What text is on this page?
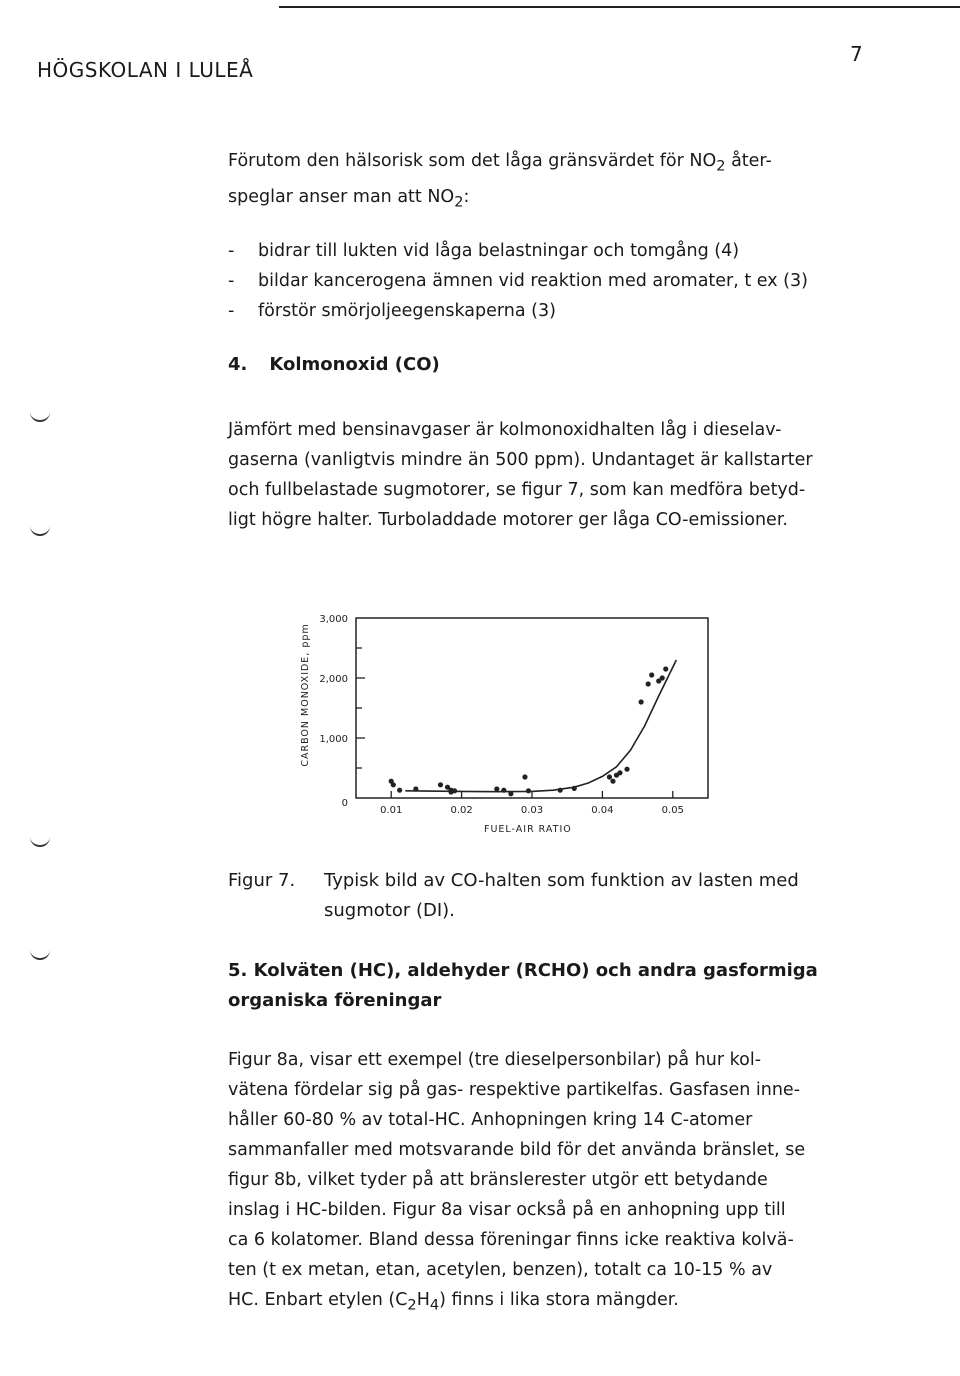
HÖGSKOLAN I LULEÅ
7
Förutom den hälsorisk som det låga gränsvärdet för $NO_2$ åter-
speglar anser man att $NO_2$:
-	bidrar till lukten vid låga belastningar och tomgång (4)
-	bildar kancerogena ämnen vid reaktion med aromater, t ex (3)
-	förstör smörjoljeegenskaperna (3)
4. Kolmonoxid (CO)
Jämfört med bensinavgaser är kolmonoxidhalten låg i dieselav-
gaserna (vanligtvis mindre än 500 ppm). Undantaget är kallstarter
och fullbelastade sugmotorer, se figur 7, som kan medföra betyd-
ligt högre halter. Turboladdade motorer ger låga CO-emissioner.
0
1,000
2,000
3,000
0.01	0.02	0.03	0.04	0.05
CARBON MONOXIDE, ppm
FUEL-AIR RATIO
Figur 7. Typisk bild av CO-halten som funktion av lasten med
sugmotor (DI).
5. Kolväten (HC), aldehyder (RCHO) och andra gasformiga
organiska föreningar
Figur 8a, visar ett exempel (tre dieselpersonbilar) på hur kol-
vätena fördelar sig på gas- respektive partikelfas. Gasfasen inne-
håller 60-80 % av total-HC. Anhopningen kring 14 C-atomer
sammanfaller med motsvarande bild för det använda bränslet, se
figur 8b, vilket tyder på att bränslerester utgör ett betydande
inslag i HC-bilden. Figur 8a visar också på en anhopning upp till
ca 6 kolatomer. Bland dessa föreningar finns icke reaktiva kolvä-
ten (t ex metan, etan, acetylen, benzen), totalt ca 10-15 % av
HC. Enbart etylen $(C_2H_4)$ finns i lika stora mängder.
